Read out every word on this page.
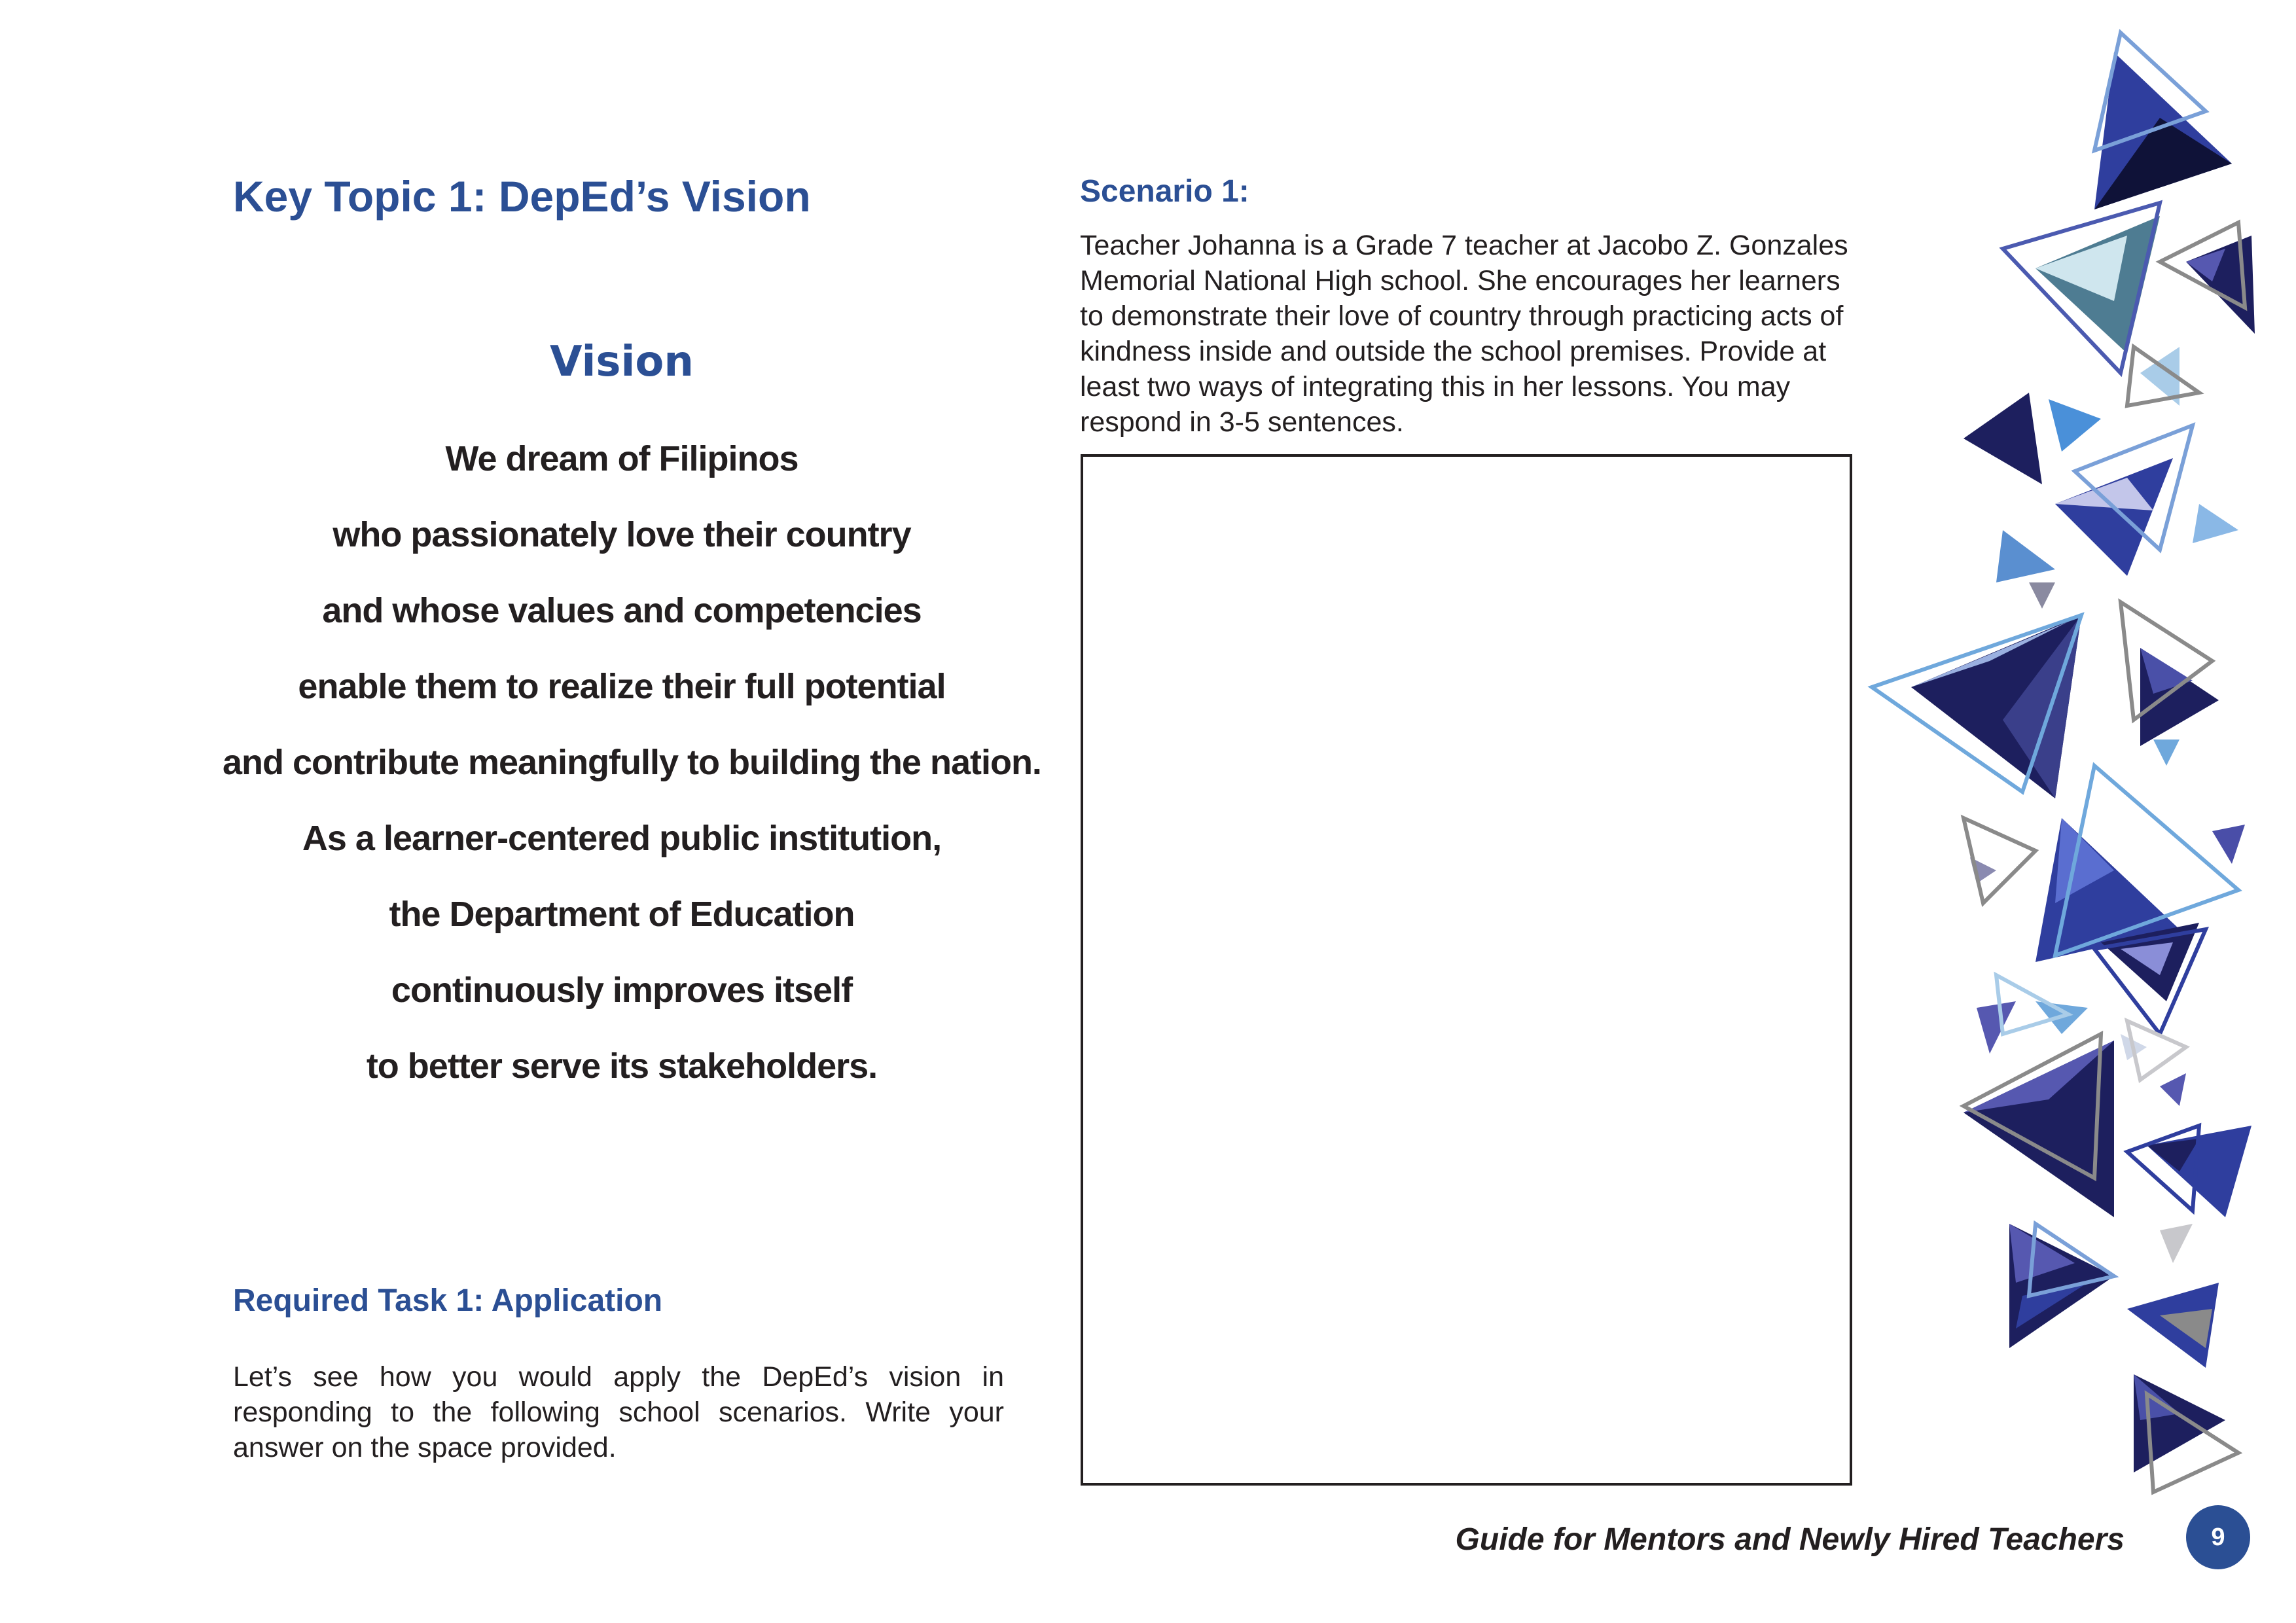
Key Topic 1: DepEd’s Vision
Vision
We dream of Filipinos
who passionately love their country
and whose values and competencies
enable them to realize their full potential
and contribute meaningfully to building the nation.
As a learner-centered public institution,
the Department of Education
continuously improves itself
to better serve its stakeholders.
Required Task 1: Application

Let’s see how you would apply the DepEd’s vision in responding to the following school scenarios. Write your answer on the space provided.

Scenario 1:

Teacher Johanna is a Grade 7 teacher at Jacobo Z. Gonzales Memorial National High school. She encourages her learners to demonstrate their love of country through practicing acts of kindness inside and outside the school premises. Provide at least two ways of integrating this in her lessons. You may respond in 3-5 sentences.

Guide for Mentors and Newly Hired Teachers	9
